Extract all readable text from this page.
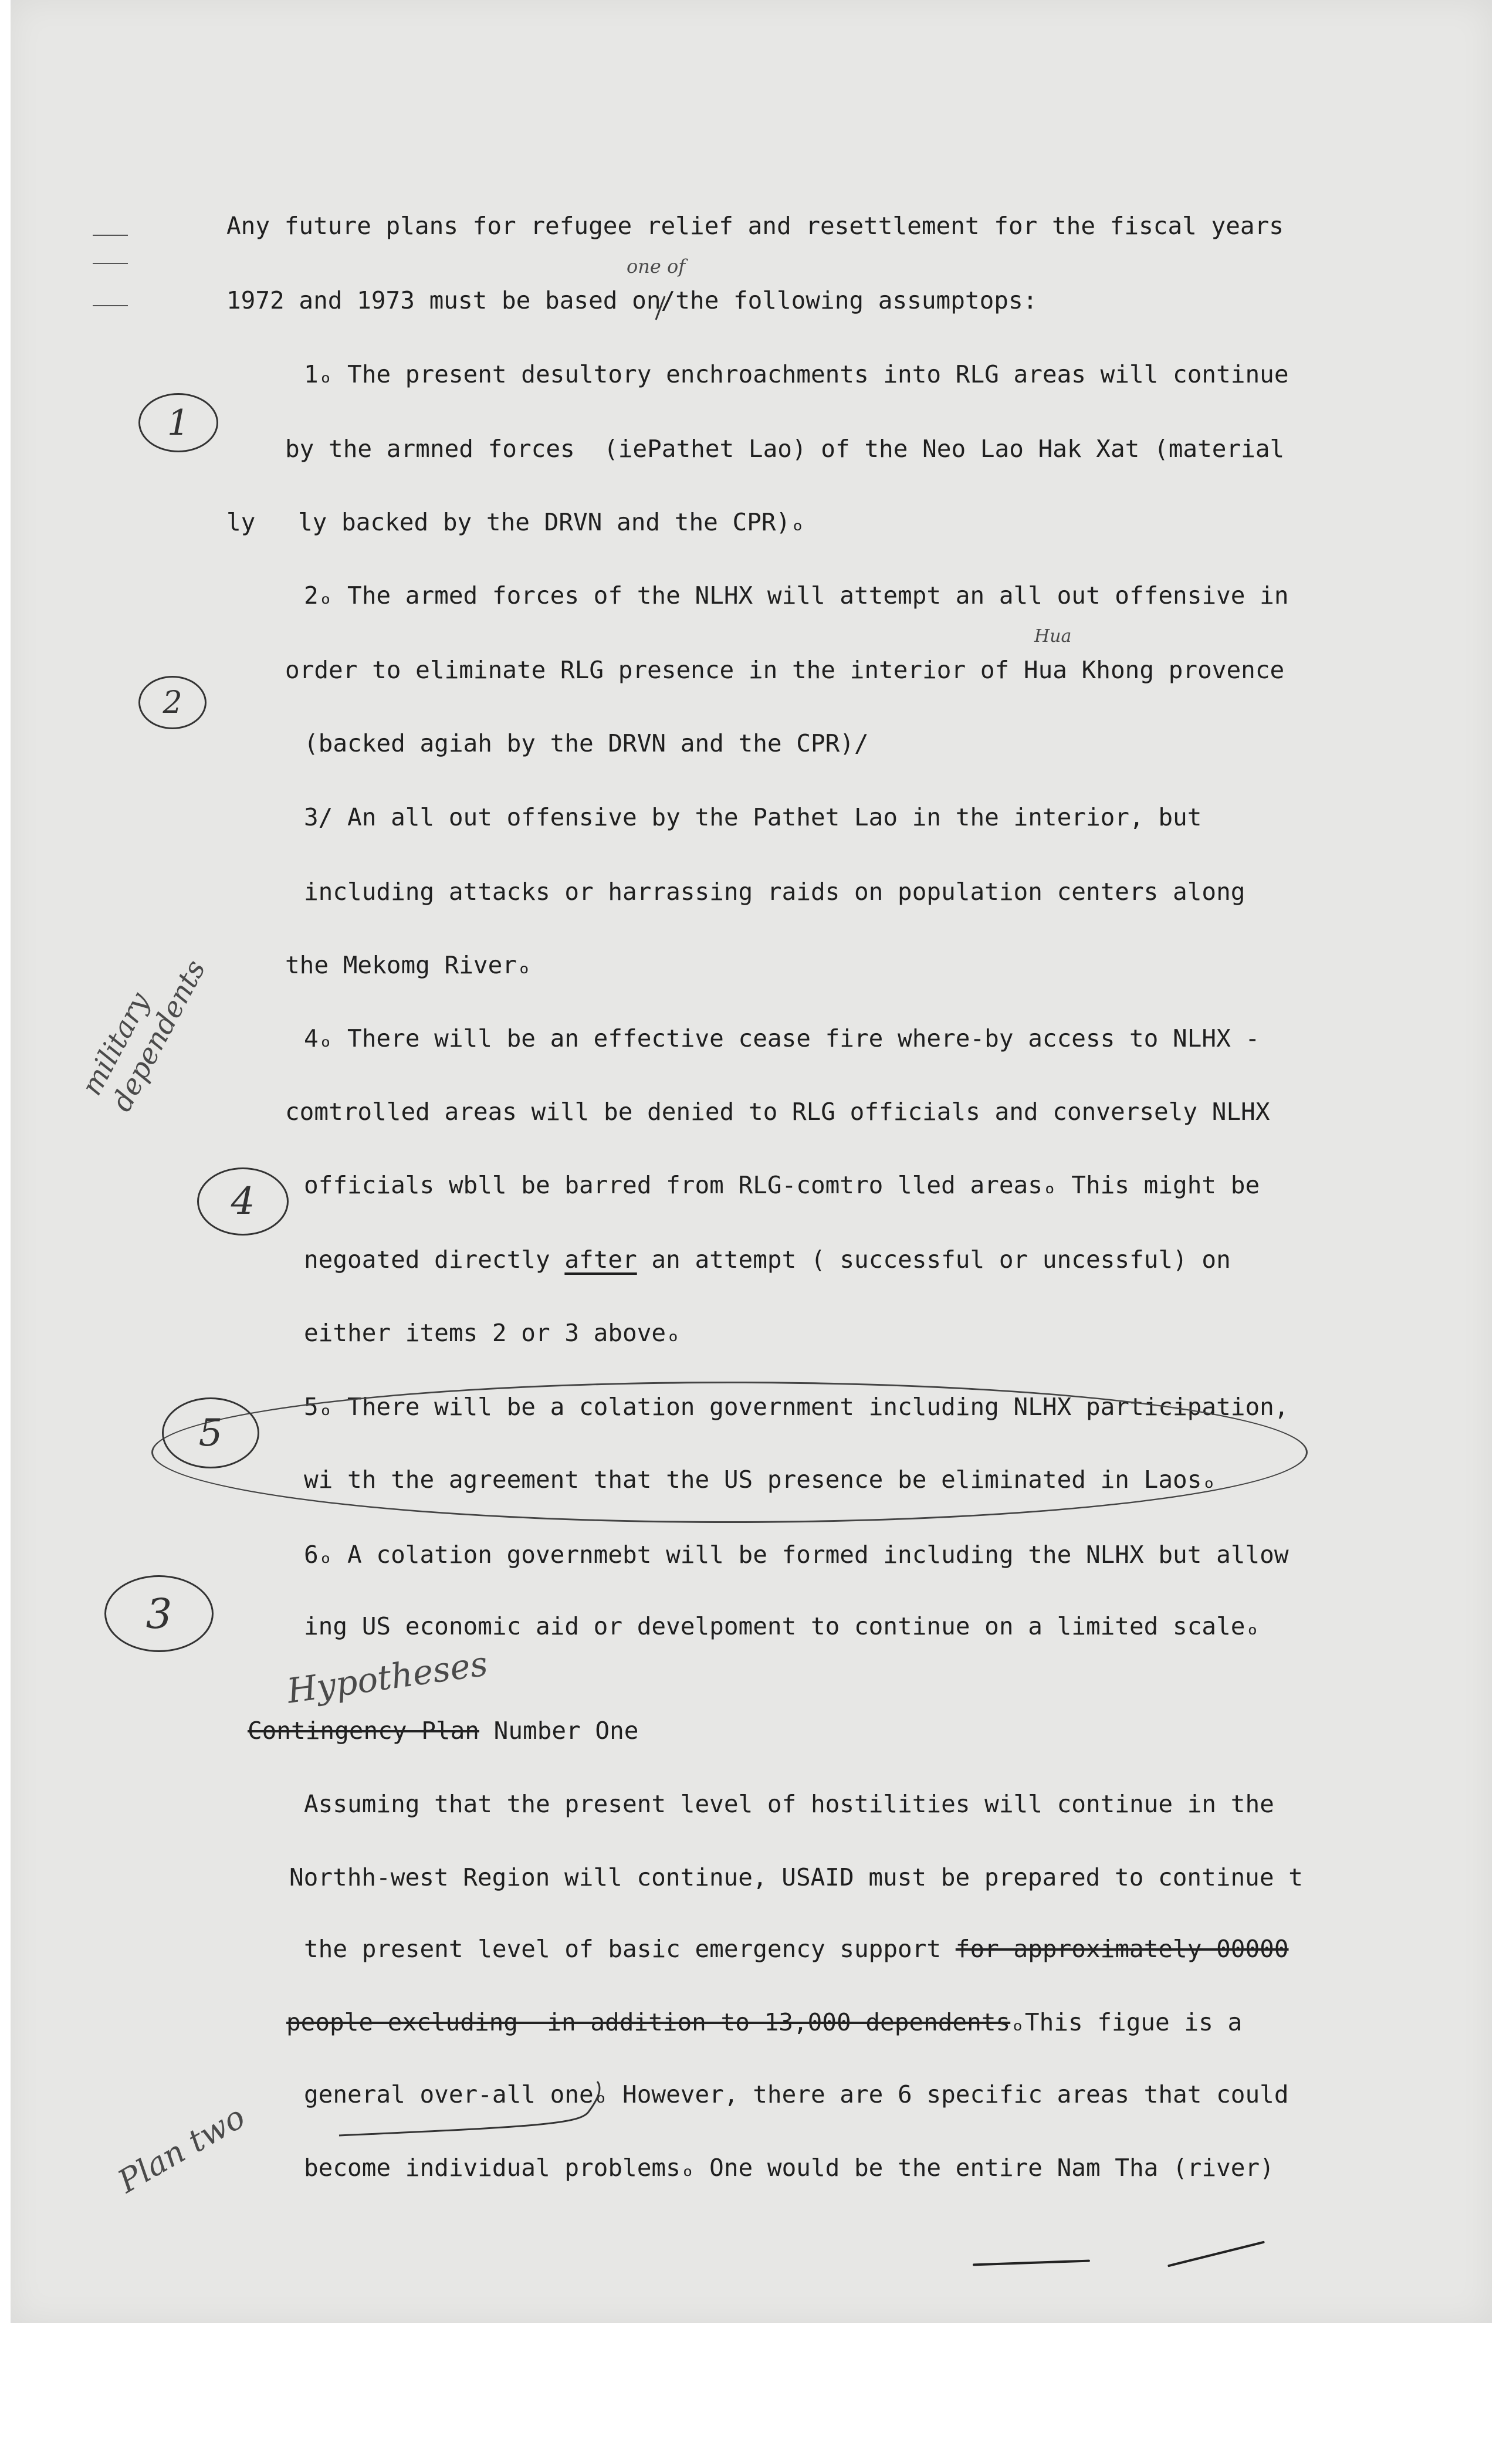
Any future plans for refugee relief and resettlement for the fiscal years
1972 and 1973 must be based on/the following assumptops:
one of
1ₒ The present desultory enchroachments into RLG areas will continue
by the armned forces  (iePathet Lao) of the Neo Lao Hak Xat (material
ly ly backed by the DRVN and the CPR)ₒ
1
2ₒ The armed forces of the NLHX will attempt an all out offensive in
Hua
order to eliminate RLG presence in the interior of Hua Khong provence
(backed agiah by the DRVN and the CPR)/
2
3/ An all out offensive by the Pathet Lao in the interior, but
including attacks or harrassing raids on population centers along
the Mekomg Riverₒ
4ₒ There will be an effective cease fire where-by access to NLHX -
comtrolled areas will be denied to RLG officials and conversely NLHX
officials wbll be barred from RLG-comtro lled areasₒ This might be
negoated directly after an attempt ( successful or uncessful) on
either items 2 or 3 aboveₒ
military dependents
4
5ₒ There will be a colation government including NLHX participation,
wi th the agreement that the US presence be eliminated in Laosₒ
5
6ₒ A colation governmebt will be formed including the NLHX but allow
ing US economic aid or develpoment to continue on a limited scaleₒ
3
Hypotheses
Contingency Plan Number One
Assuming that the present level of hostilities will continue in the
Northh-west Region will continue, USAID must be prepared to continue t
the present level of basic emergency support for approximately 00000
people excluding  in addition to 13,000 dependentsₒThis figue is a
general over-all oneₒ However, there are 6 specific areas that could
become individual problemsₒ One would be the entire Nam Tha (river)
Plan two
